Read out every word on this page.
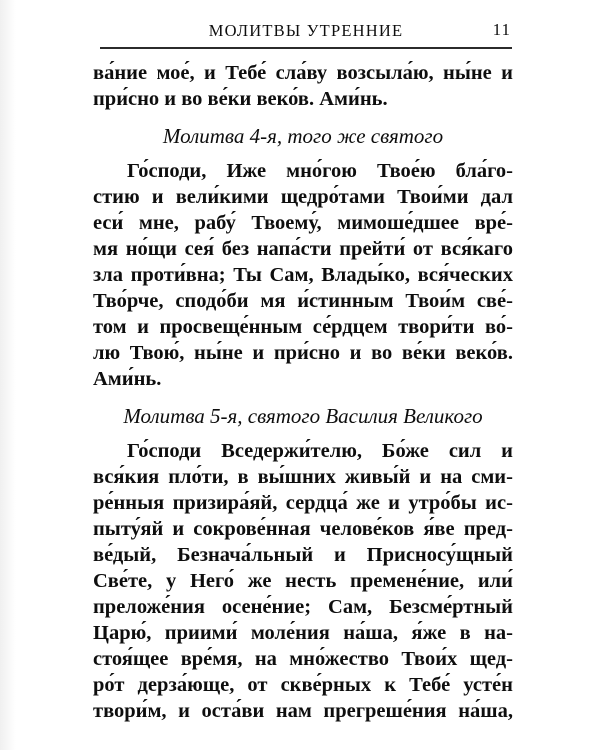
МОЛИТВЫ УТРЕННИЕ	11
ва́ние мое́, и Тебе́ сла́ву возсыла́ю, ны́не и
при́сно и во ве́ки веко́в. Ами́нь.
Молитва 4-я, того же святого
Го́споди, Иже мно́гою Твое́ю бла́го-
стию и вели́кими щедро́тами Твои́ми дал
еси́ мне, рабу́ Твоему́, мимоше́дшее вре́-
мя но́щи сея́ без напа́сти прейти́ от вся́каго
зла проти́вна; Ты Сам, Влады́ко, вся́ческих
Тво́рче, сподо́би мя и́стинным Твои́м све́-
том и просвеще́нным се́рдцем твори́ти во́-
лю Твою́, ны́не и при́сно и во ве́ки веко́в.
Ами́нь.
Молитва 5-я, святого Василия Великого
Го́споди Вседержи́телю, Бо́же сил и
вся́кия пло́ти, в вы́шних живы́й и на сми-
ре́нныя призира́яй, сердца́ же и утро́бы ис-
пыту́яй и сокрове́нная челове́ков я́ве пред-
ве́дый, Безнача́льный и Присносу́щный
Све́те, у Него́ же несть премене́ние, или́
преложе́ния осене́ние; Сам, Безсме́ртный
Царю́, приими́ моле́ния на́ша, я́же в на-
стоя́щее вре́мя, на мно́жество Твои́х щед-
ро́т дерза́юще, от скве́рных к Тебе́ усте́н
твори́м, и оста́ви нам прегреше́ния на́ша,
